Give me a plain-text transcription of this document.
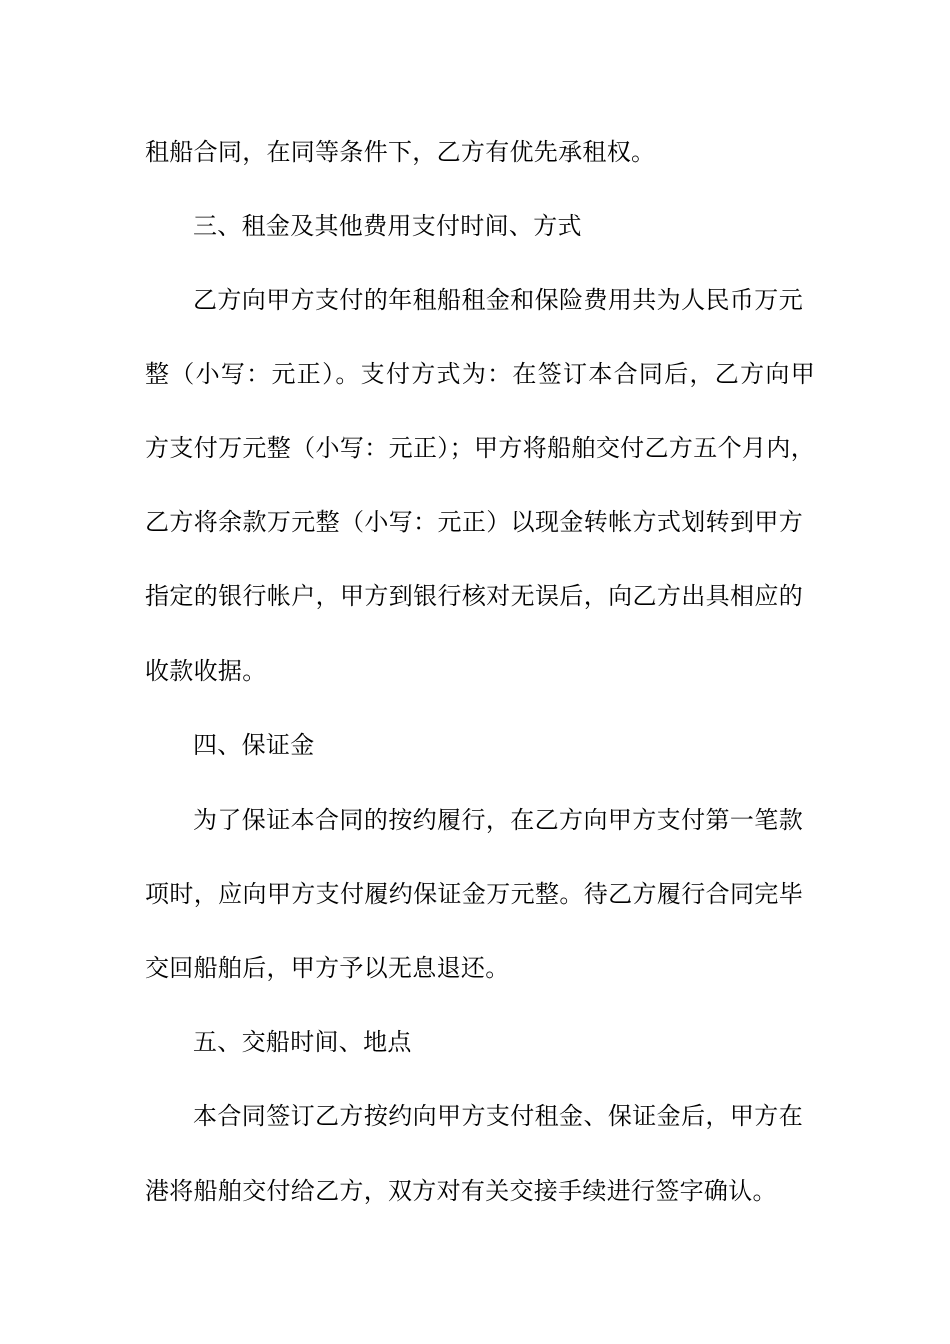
租船合同，在同等条件下，乙方有优先承租权。
三、租金及其他费用支付时间、方式
乙方向甲方支付的年租船租金和保险费用共为人民币万元
整（小写：元正）。支付方式为：在签订本合同后，乙方向甲
方支付万元整（小写：元正）；甲方将船舶交付乙方五个月内，
乙方将余款万元整（小写：元正）以现金转帐方式划转到甲方
指定的银行帐户，甲方到银行核对无误后，向乙方出具相应的
收款收据。
四、保证金
为了保证本合同的按约履行，在乙方向甲方支付第一笔款
项时，应向甲方支付履约保证金万元整。待乙方履行合同完毕
交回船舶后，甲方予以无息退还。
五、交船时间、地点
本合同签订乙方按约向甲方支付租金、保证金后，甲方在
港将船舶交付给乙方，双方对有关交接手续进行签字确认。
